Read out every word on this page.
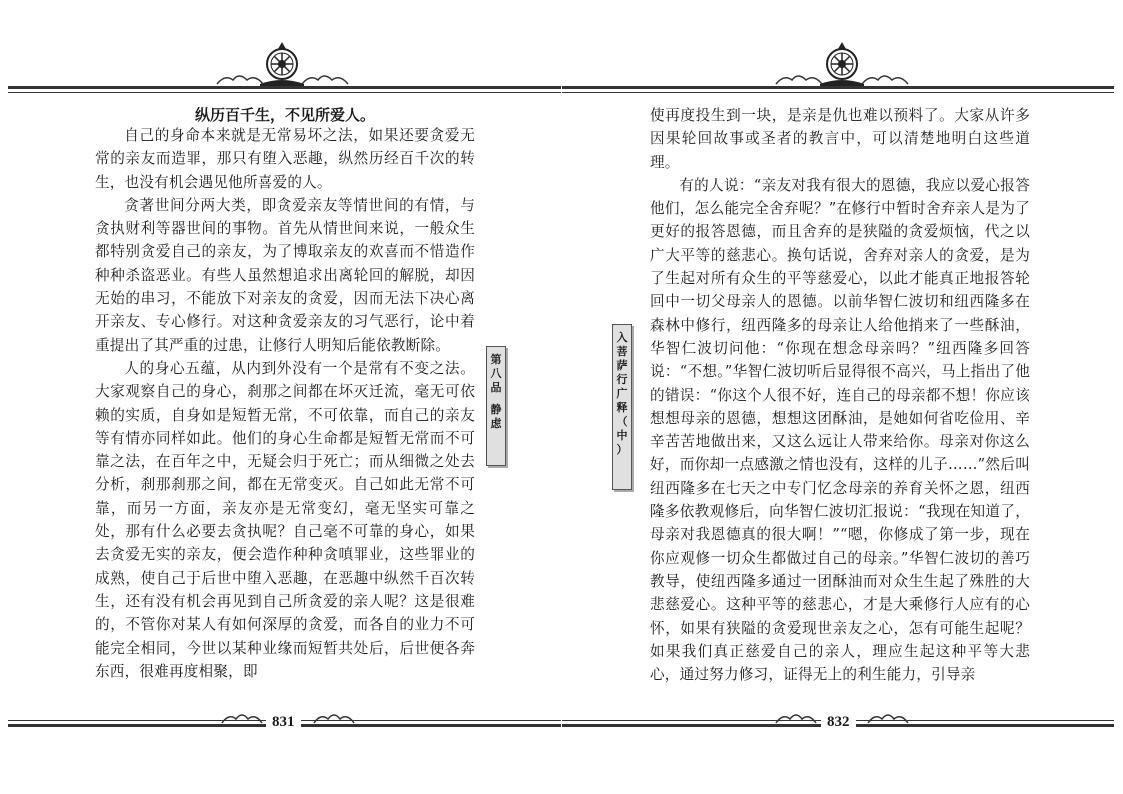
纵历百千生，不见所爱人。

自己的身命本来就是无常易坏之法，如果还要贪爱无常的亲友而造罪，那只有堕入恶趣，纵然历经百千次的转生，也没有机会遇见他所喜爱的人。

贪著世间分两大类，即贪爱亲友等情世间的有情，与贪执财利等器世间的事物。首先从情世间来说，一般众生都特别贪爱自己的亲友，为了博取亲友的欢喜而不惜造作种种杀盗恶业。有些人虽然想追求出离轮回的解脱，却因无始的串习，不能放下对亲友的贪爱，因而无法下决心离开亲友、专心修行。对这种贪爱亲友的习气恶行，论中着重提出了其严重的过患，让修行人明知后能依教断除。

人的身心五蕴，从内到外没有一个是常有不变之法。大家观察自己的身心，刹那之间都在坏灭迁流，毫无可依赖的实质，自身如是短暂无常，不可依靠，而自己的亲友等有情亦同样如此。他们的身心生命都是短暂无常而不可靠之法，在百年之中，无疑会归于死亡；而从细微之处去分析，刹那刹那之间，都在无常变灭。自己如此无常不可靠，而另一方面，亲友亦是无常变幻，毫无坚实可靠之处，那有什么必要去贪执呢？自己毫不可靠的身心，如果去贪爱无实的亲友，便会造作种种贪嗔罪业，这些罪业的成熟，使自己于后世中堕入恶趣，在恶趣中纵然千百次转生，还有没有机会再见到自己所贪爱的亲人呢？这是很难的，不管你对某人有如何深厚的贪爱，而各自的业力不可能完全相同，今世以某种业缘而短暂共处后，后世便各奔东西，很难再度相聚，即

第
八
品
静
虑
831
入
菩
萨
行
广
释
（
中
）

使再度投生到一块，是亲是仇也难以预料了。大家从许多因果轮回故事或圣者的教言中，可以清楚地明白这些道理。

有的人说：“亲友对我有很大的恩德，我应以爱心报答他们，怎么能完全舍弃呢？”在修行中暂时舍弃亲人是为了更好的报答恩德，而且舍弃的是狭隘的贪爱烦恼，代之以广大平等的慈悲心。换句话说，舍弃对亲人的贪爱，是为了生起对所有众生的平等慈爱心，以此才能真正地报答轮回中一切父母亲人的恩德。以前华智仁波切和纽西隆多在森林中修行，纽西隆多的母亲让人给他捎来了一些酥油，华智仁波切问他：“你现在想念母亲吗？”纽西隆多回答说：“不想。”华智仁波切听后显得很不高兴，马上指出了他的错误：“你这个人很不好，连自己的母亲都不想！你应该想想母亲的恩德，想想这团酥油，是她如何省吃俭用、辛辛苦苦地做出来，又这么远让人带来给你。母亲对你这么好，而你却一点感激之情也没有，这样的儿子……”然后叫纽西隆多在七天之中专门忆念母亲的养育关怀之恩，纽西隆多依教观修后，向华智仁波切汇报说：“我现在知道了，母亲对我恩德真的很大啊！”“嗯，你修成了第一步，现在你应观修一切众生都做过自己的母亲。”华智仁波切的善巧教导，使纽西隆多通过一团酥油而对众生生起了殊胜的大悲慈爱心。这种平等的慈悲心，才是大乘修行人应有的心怀，如果有狭隘的贪爱现世亲友之心，怎有可能生起呢？如果我们真正慈爱自己的亲人，理应生起这种平等大悲心，通过努力修习，证得无上的利生能力，引导亲

832
